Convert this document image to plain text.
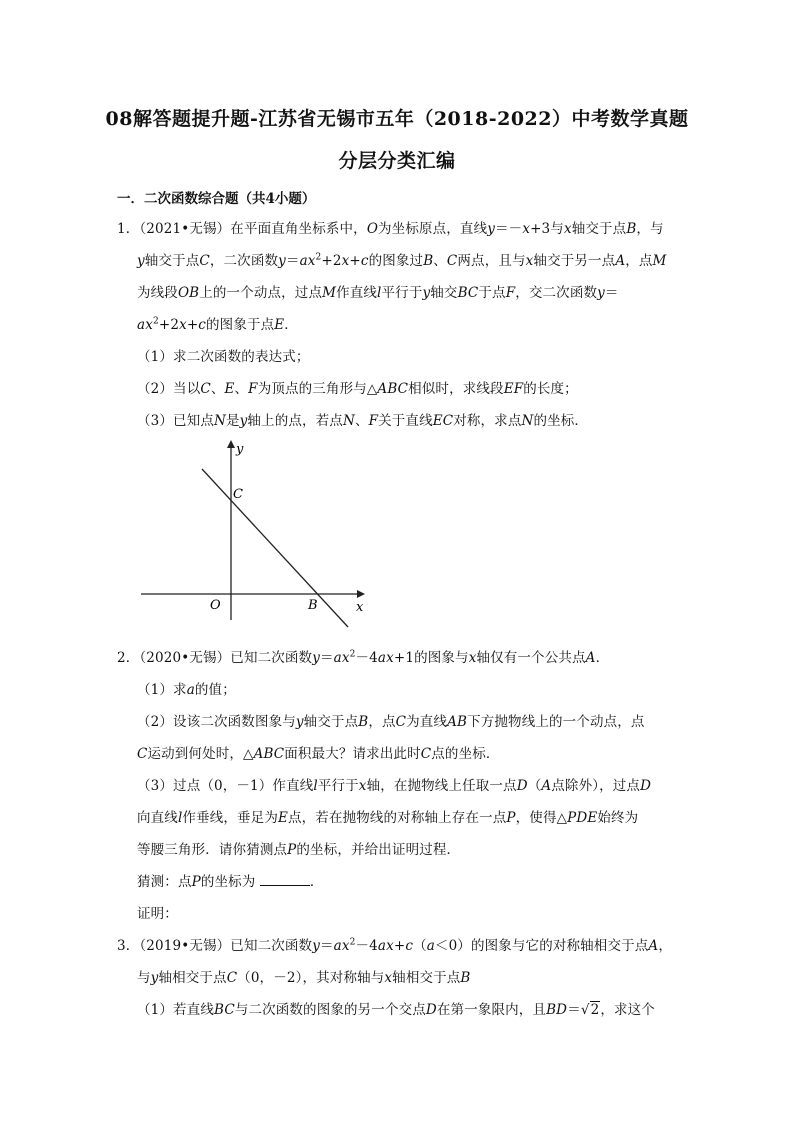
08解答题提升题-江苏省无锡市五年（2018-2022）中考数学真题
分层分类汇编
一．二次函数综合题（共4小题）
1．（2021•无锡）在平面直角坐标系中，O为坐标原点，直线y＝－x+3与x轴交于点B，与
y轴交于点C，二次函数$y=ax^2+2x+c$的图象过B、C两点，且与x轴交于另一点A，点M
为线段OB上的一个动点，过点M作直线l平行于y轴交BC于点F，交二次函数y＝
$ax^2+2x+c$的图象于点E．
（1）求二次函数的表达式；
（2）当以C、E、F为顶点的三角形与△ABC相似时，求线段EF的长度；
（3）已知点N是y轴上的点，若点N、F关于直线EC对称，求点N的坐标．
y
x
C
O	B
2．（2020•无锡）已知二次函数$y=ax^2-4ax+1$的图象与x轴仅有一个公共点A．
（1）求a的值；
（2）设该二次函数图象与y轴交于点B，点C为直线AB下方抛物线上的一个动点，点
C运动到何处时，△ABC面积最大？请求出此时C点的坐标．
（3）过点（0，－1）作直线l平行于x轴，在抛物线上任取一点D（A点除外），过点D
向直线l作垂线，垂足为E点，若在抛物线的对称轴上存在一点P，使得△PDE始终为
等腰三角形．请你猜测点P的坐标，并给出证明过程．
猜测：点P的坐标为	．
证明：
3．（2019•无锡）已知二次函数$y=ax^2-4ax+c(a<0)$的图象与它的对称轴相交于点A，
与y轴相交于点C（0，－2），其对称轴与x轴相交于点B
（1）若直线BC与二次函数的图象的另一个交点D在第一象限内，且BD＝√2，求这个
